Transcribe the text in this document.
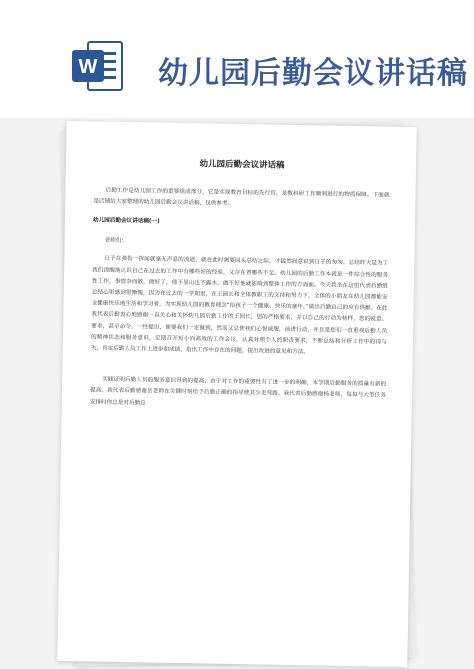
W 幼儿园后勤会议讲话稿
幼儿园后勤会议讲话稿

后勤工作是幼儿园工作的重要组成部分，它是实现教育目标的先行官，是教科研工作顺利进行的物质保障。下面就是店铺给大家整理的幼儿园后勤会议讲话稿，仅供参考。

幼儿园后勤会议讲话稿(一)
老师们:

日子在弹指一挥间就毫无声息的流逝，就在此时需要回头总结之际，才猛然间意识到日子的匆匆。总结昨天是为了我们清醒地认识自己在过去的工作中有哪些好的经验，又存在着哪些不足。幼儿园的后勤工作本就是一件综合性的服务性工作，事情杂而散，做好了，他不显山也不露水，做不好他就影响到整体工作的方面面。今天我坐在这里代表后勤组总结心里感到很惭愧，因为在过去的一学期里，在王园长和全体教职工的支持和努力下，全体的小朋友在幼儿园都能安全健康快乐地生活和学习着，为实现幼儿园的教育理念“给孩子一个健康、快乐的童年。”做出后勤自己的应有供献。在此我代表后勤衷心地感谢一直关心和关怀幼儿园后勤工作的王园长，您的严格要求，并以自己的行动为榜样，您的锐意、要求，甚至命令，一经提出，便要我们一定做到，然而又总使我们心悦诚服，前进行动，并且是您们一直重视后勤人员的精神状态和服务意识，定期召开短小而高效的工作会议，认真对照个人的职责要求，不断总结和分析工作中的得与失，肯定后勤人员工作上进步和成绩，指出工作中存在的问题，提出改进的意见和方法。

实践证明后勤人员的服务意识得到的提高，由于对工作的重要性有了进一步的明确，本学期后勤服务的质量有新的提高。我代表后勤感谢岳老师在关键时刻给予后勤正确的指导使其少走弯路。我代表后勤感谢杨老师，每每与大型任务安排时你总是对后勤总
